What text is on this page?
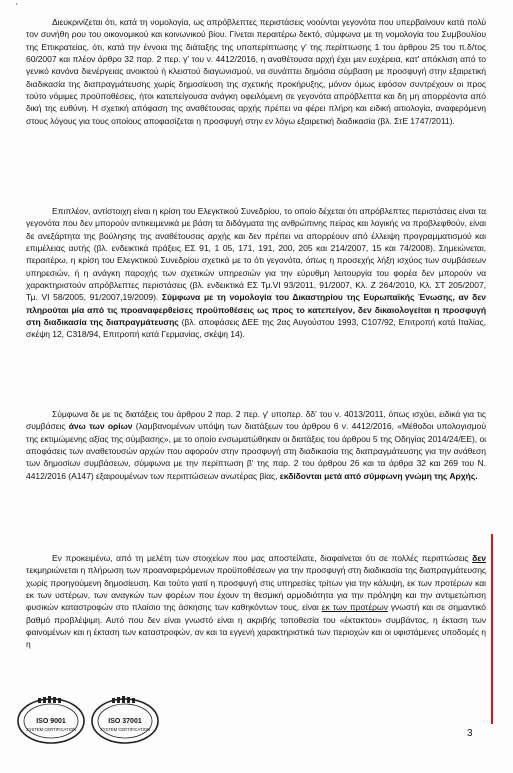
′

Διευκρινίζεται ότι, κατά τη νομολογία, ως απρόβλεπτες περιστάσεις νοούνται γεγονότα που υπερβαίνουν κατά πολύ τον συνήθη ρου του οικονομικού και κοινωνικού βίου. Γίνεται περαιτέρω δεκτό, σύμφωνα με τη νομολογία του Συμβουλίου της Επικρατείας, ότι, κατά την έννοια της διάταξης της υποπερίπτωσης γ' της περίπτωσης 1 του άρθρου 25 του π.δ/τος 60/2007 και πλέον άρθρο 32 παρ. 2 περ. γ' του ν. 4412/2016, η αναθέτουσα αρχή έχει μεν ευχέρεια, κατ' απόκλιση από το γενικό κανόνα διενέργειας ανοικτού ή κλειστού διαγωνισμού, να συνάπτει δημόσια σύμβαση με προσφυγή στην εξαιρετική διαδικασία της διαπραγμάτευσης χωρίς δημοσίευση της σχετικής προκήρυξης, μόνον όμως εφόσον συντρέχουν οι προς τούτο νόμιμες προϋποθέσεις, ήτοι κατεπείγουσα ανάγκη οφειλόμενη σε γεγονότα απρόβλεπτα και δη μη απορρέοντα από δική της ευθύνη. Η σχετική απόφαση της αναθέτουσας αρχής πρέπει να φέρει πλήρη και ειδική αιτιολογία, αναφερόμενη στους λόγους για τους οποίους αποφασίζεται η προσφυγή στην εν λόγω εξαιρετική διαδικασία (βλ. ΣτΕ 1747/2011).

Επιπλέον, αντίστοιχη είναι η κρίση του Ελεγκτικού Συνεδρίου, το οποίο δέχεται ότι απρόβλεπτες περιστάσεις είναι τα γεγονότα που δεν μπορούν αντικειμενικά με βάση τα διδάγματα της ανθρώπινης πείρας και λογικής να προβλεφθούν, είναι δε ανεξάρτητα της βούλησης της αναθέτουσας αρχής και δεν πρέπει να απορρέουν από έλλειψη προγραμματισμού και επιμέλειας αυτής (βλ. ενδεικτικά πράξεις ΕΣ 91, 1 05, 171, 191, 200, 205 και 214/2007, 15 και 74/2008). Σημειώνεται, περαιτέρω, η κρίση του Ελεγκτικού Συνεδρίου σχετικά με το ότι γεγονότα, όπως η προσεχής λήξη ισχύος των συμβάσεων υπηρεσιών, ή η ανάγκη παροχής των σχετικών υπηρεσιών για την εύρυθμη λειτουργία του φορέα δεν μπορούν να χαρακτηριστούν απρόβλεπτες περιστάσεις (βλ. ενδεικτικά ΕΣ Τμ.VI 93/2011, 91/2007, Κλ. Ζ 264/2010, Κλ. ΣΤ 205/2007, Τμ. VI 58/2005, 91/2007,19/2009). Σύμφωνα με τη νομολογία του Δικαστηρίου της Ευρωπαϊκής Ένωσης, αν δεν πληρούται μία από τις προαναφερθείσες προϋποθέσεις ως προς το κατεπείγον, δεν δικαιολογείται η προσφυγή στη διαδικασία της διαπραγμάτευσης (βλ. αποφάσεις ΔΕΕ της 2ας Αυγούστου 1993, C107/92, Επιτροπή κατά Ιταλίας, σκέψη 12, C318/94, Επιτροπή κατά Γερμανίας, σκέψη 14).

Σύμφωνα δε με τις διατάξεις του άρθρου 2 παρ. 2 περ. γ' υποπερ. δδ' του ν. 4013/2011, όπως ισχύει, ειδικά για τις συμβάσεις άνω των ορίων (λαμβανομένων υπόψη των διατάξεων του άρθρου 6 ν. 4412/2016, «Μέθοδοι υπολογισμού της εκτιμώμενης αξίας της σύμβασης», με το οποίο ενσωματώθηκαν οι διατάξεις του άρθρου 5 της Οδηγίας 2014/24/ΕΕ), οι αποφάσεις των αναθετουσών αρχών που αφορούν στην προσφυγή στη διαδικασία της διαπραγμάτευσης για την ανάθεση των δημοσίων συμβάσεων, σύμφωνα με την περίπτωση β' της παρ. 2 του άρθρου 26 και τα άρθρα 32 και 269 του Ν. 4412/2016 (Α147) εξαιρουμένων των περιπτώσεων ανωτέρας βίας, εκδίδονται μετά από σύμφωνη γνώμη της Αρχής.

Εν προκειμένω, από τη μελέτη των στοιχείων που μας αποστείλατε, διαφαίνεται ότι σε πολλές περιπτώσεις δεν τεκμηριώνεται η πλήρωση των προαναφερόμενων προϋποθέσεων για την προσφυγή στη διαδικασία της διαπραγμάτευσης χωρίς προηγούμενη δημοσίευση. Και τούτο γιατί η προσφυγή στις υπηρεσίες τρίτων για την κάλυψη, εκ των προτέρων και εκ των υστέρων, των αναγκών των φορέων που έχουν τη θεσμική αρμοδιότητα για την πρόληψη και την αντιμετώπιση φυσικών καταστροφών στο πλαίσιο της άσκησης των καθηκόντων τους, είναι εκ των προτέρων γνωστή και σε σημαντικό βαθμό προβλέψιμη. Αυτό που δεν είναι γνωστό είναι η ακριβής τοποθεσία του «έκτακτου» συμβάντος, η έκταση των φαινομένων και η έκταση των καταστροφών, αν και τα εγγενή χαρακτηριστικά των περιοχών και οι υφιστάμενες υποδομές η η

ISO 9001
SYSTEM CERTIFICATION
ISO 37001
SYSTEM CERTIFICATION	3
